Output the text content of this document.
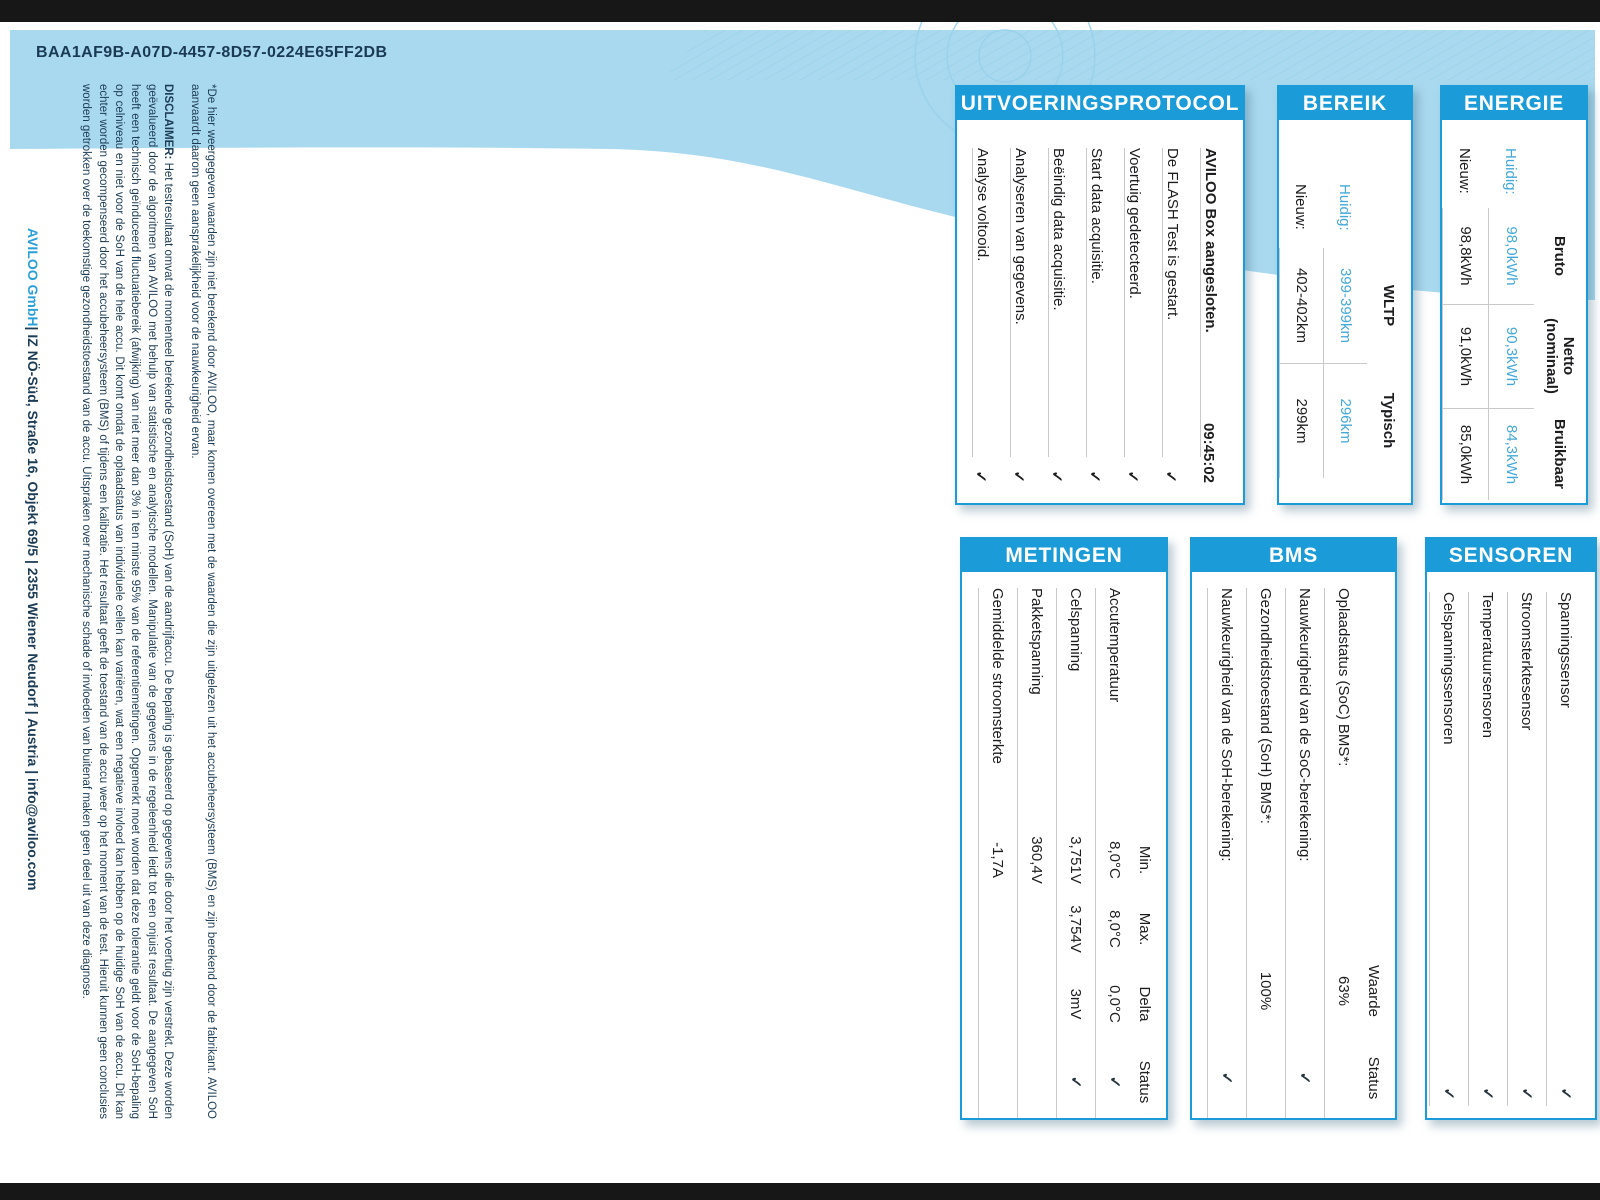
BAA1AF9B-A07D-4457-8D57-0224E65FF2DB

*De hier weergegeven waarden zijn niet berekend door AVILOO, maar komen overeen met de waarden die zijn uitgelezen uit het accubeheersysteem (BMS) en zijn berekend door de fabrikant. AVILOO aanvaardt daarom geen aansprakelijkheid voor de nauwkeurigheid ervan.

DISCLAIMER: Het testresultaat omvat de momenteel berekende gezondheidstoestand (SoH) van de aandrijfaccu. De bepaling is gebaseerd op gegevens die door het voertuig zijn verstrekt. Deze worden geëvalueerd door de algoritmen van AVILOO met behulp van statistische en analytische modellen. Manipulatie van de gegevens in de regeleenheid leidt tot een onjuist resultaat. De aangegeven SoH heeft een technisch geïnduceerd fluctuatiebereik (afwijking) van niet meer dan 3% in ten minste 95% van de referentiemetingen. Opgemerkt moet worden dat deze tolerantie geldt voor de SoH-bepaling op celniveau en niet voor de SoH van de hele accu. Dit komt omdat de oplaadstatus van individuele cellen kan variëren, wat een negatieve invloed kan hebben op de huidige SoH van de accu. Dit kan echter worden gecompenseerd door het accubeheersysteem (BMS) of tijdens een kalibratie. Het resultaat geeft de toestand van de accu weer op het moment van de test. Hieruit kunnen geen conclusies worden getrokken over de toekomstige gezondheidstoestand van de accu. Uitspraken over mechanische schade of invloeden van buitenaf maken geen deel uit van deze diagnose.

AVILOO GmbH
| IZ NÖ-Süd, Straße 16, Objekt 69/5 | 2355 Wiener Neudorf | Austria | info@aviloo.com
UITVOERINGSPROTOCOL
AVILOO Box aangesloten.
09:45:02
De FLASH Test is gestart.
✓
Voertuig gedetecteerd.
✓
Start data acquisitie.
✓
Beëindig data acquisitie.
✓
Analyseren van gegevens.
✓
Analyse voltooid.
✓
BEREIK
WLTP
Typisch
Huidig:
399-399km
296km
Nieuw:
402-402km
299km
ENERGIE
Bruto
Netto
(nominaal)
Bruikbaar
Huidig:
98,0kWh
90,3kWh
84,3kWh
Nieuw:
98,8kWh
91,0kWh
85,0kWh
METINGEN
Min.
Max.
Delta
Status
Accutemperatuur
8,0°C
8,0°C
0,0°C
✓
Celspanning
3,751V
3,754V
3mV
✓
Pakketspanning
360,4V
Gemiddelde stroomsterkte
-1,7A
BMS
Waarde
Status
Oplaadstatus (SoC) BMS*:
63%
Nauwkeurigheid van de SoC-berekening:
✓
Gezondheidstoestand (SoH) BMS*:
100%
Nauwkeurigheid van de SoH-berekening:
✓
SENSOREN
Spanningssensor
✓
Stroomsterktesensor
✓
Temperatuursensoren
✓
Celspanningssensoren
✓
